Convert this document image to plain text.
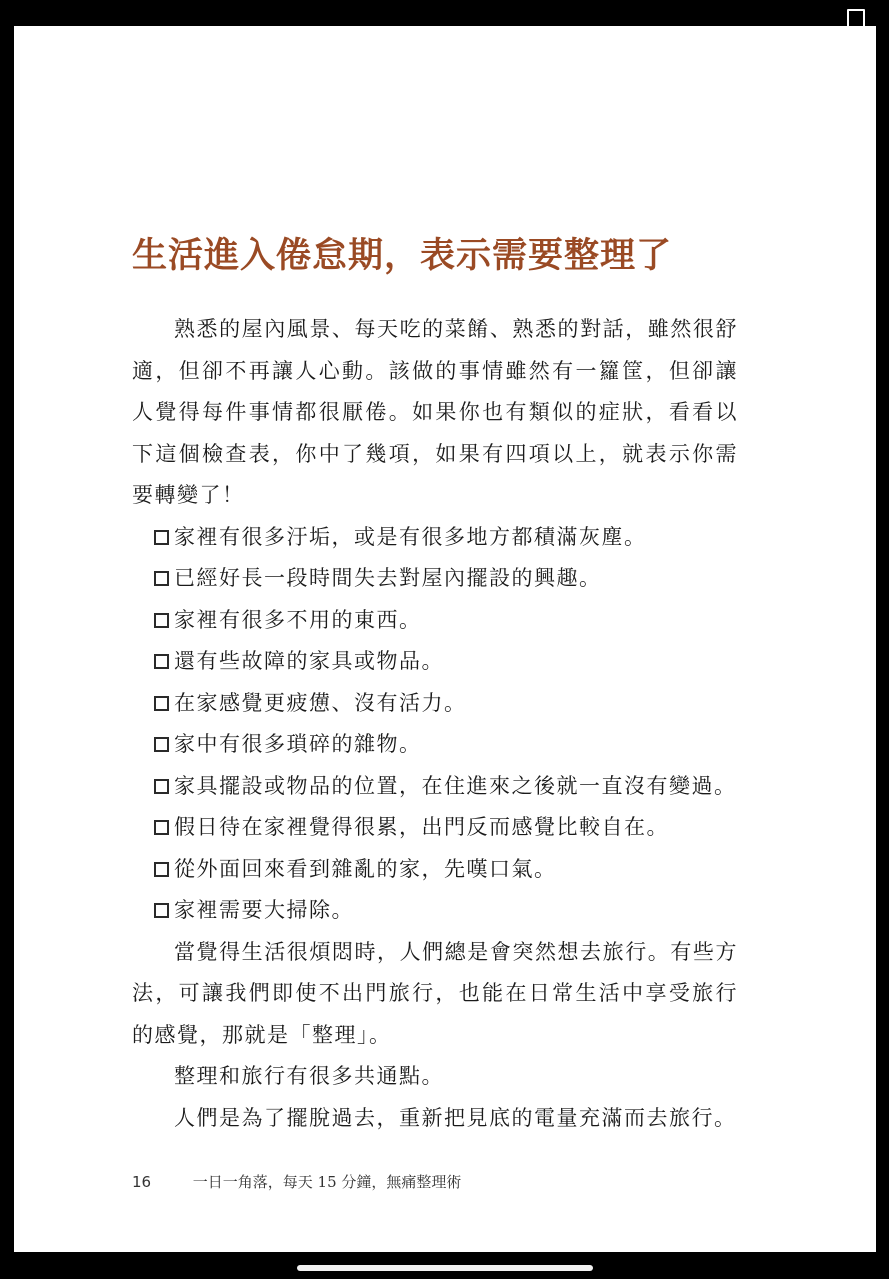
生活進入倦怠期，表示需要整理了

熟悉的屋內風景、每天吃的菜餚、熟悉的對話，雖然很舒適，但卻不再讓人心動。該做的事情雖然有一籮筐，但卻讓人覺得每件事情都很厭倦。如果你也有類似的症狀，看看以下這個檢查表，你中了幾項，如果有四項以上，就表示你需要轉變了！

家裡有很多汙垢，或是有很多地方都積滿灰塵。
已經好長一段時間失去對屋內擺設的興趣。
家裡有很多不用的東西。
還有些故障的家具或物品。
在家感覺更疲憊、沒有活力。
家中有很多瑣碎的雜物。
家具擺設或物品的位置，在住進來之後就一直沒有變過。
假日待在家裡覺得很累，出門反而感覺比較自在。
從外面回來看到雜亂的家，先嘆口氣。
家裡需要大掃除。

當覺得生活很煩悶時，人們總是會突然想去旅行。有些方法，可讓我們即使不出門旅行，也能在日常生活中享受旅行的感覺，那就是「整理」。

整理和旅行有很多共通點。

人們是為了擺脫過去，重新把見底的電量充滿而去旅行。

16	一日一角落，每天 15 分鐘，無痛整理術
